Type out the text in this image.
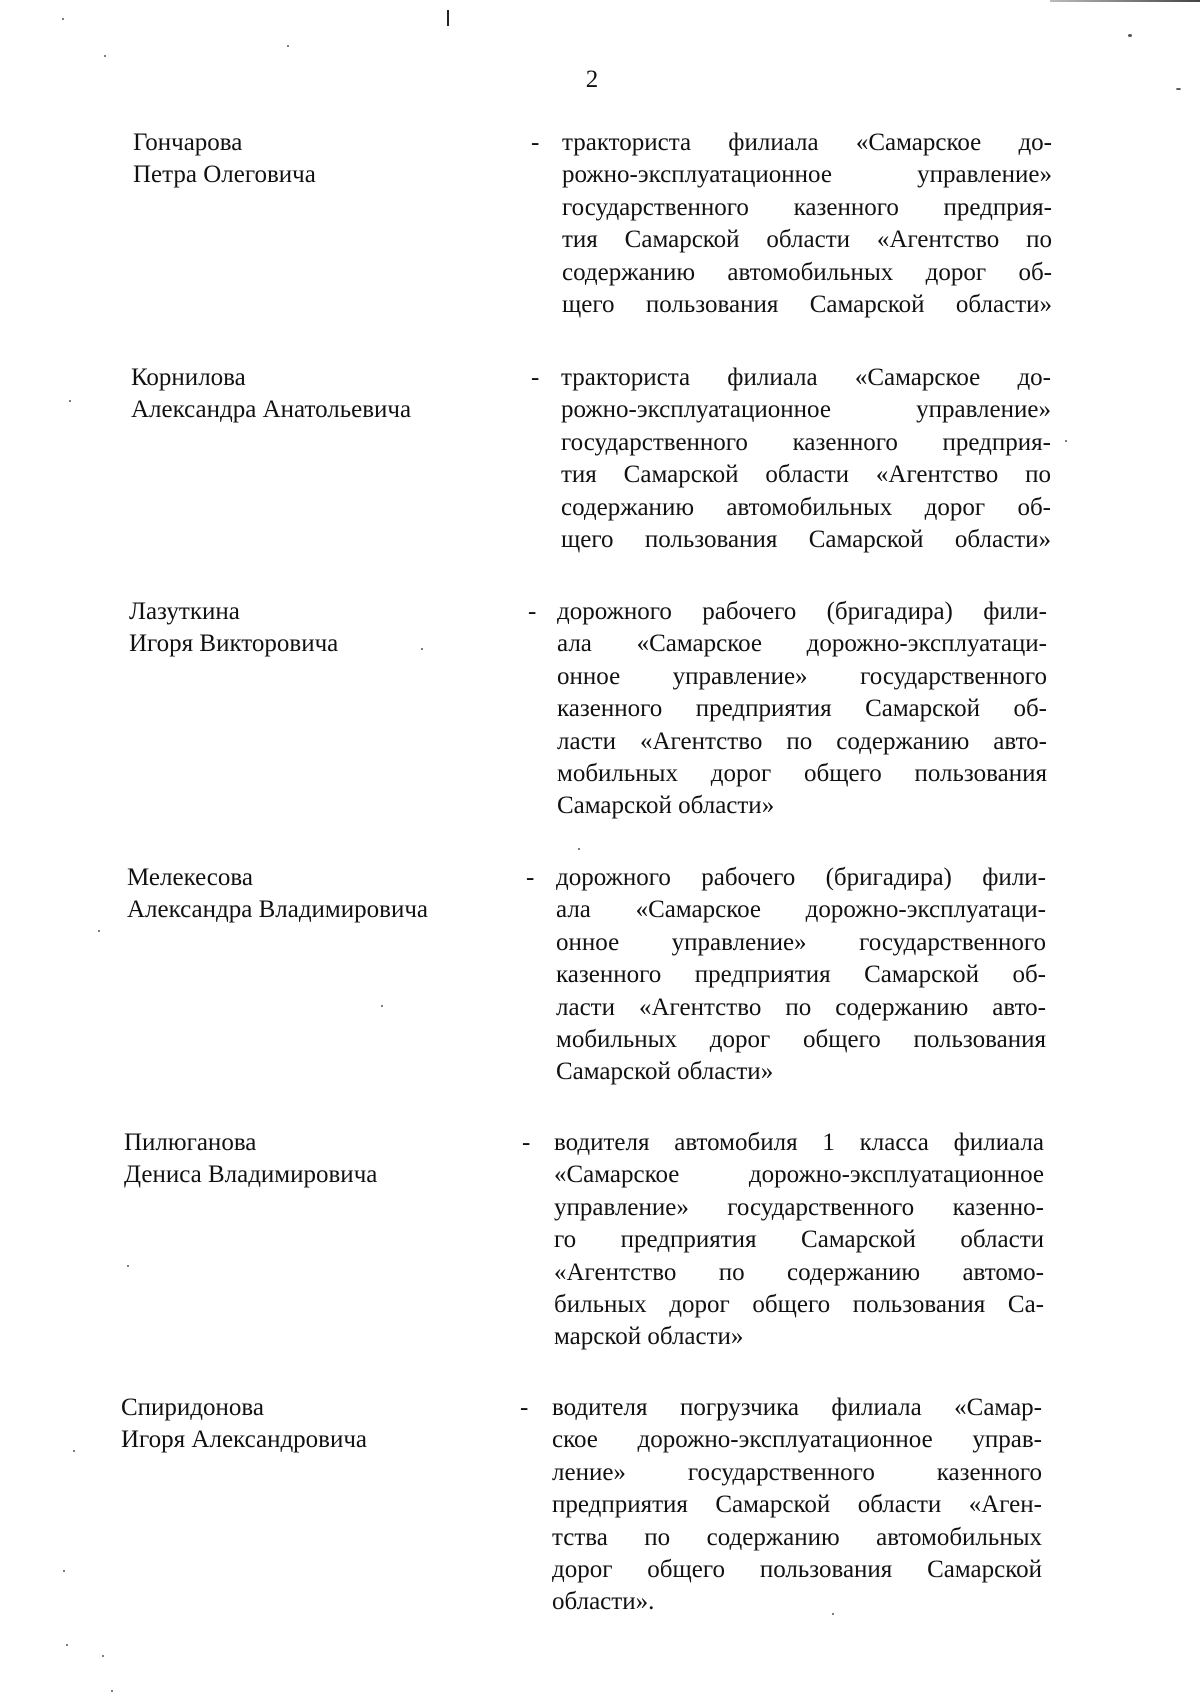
2
Гончарова
Петра Олеговича
- тракториста филиала «Самарское до-
рожно-эксплуатационное управление»
государственного казенного предприя-
тия Самарской области «Агентство по
содержанию автомобильных дорог об-
щего пользования Самарской области»
Корнилова
Александра Анатольевича
- тракториста филиала «Самарское до-
рожно-эксплуатационное управление»
государственного казенного предприя-
тия Самарской области «Агентство по
содержанию автомобильных дорог об-
щего пользования Самарской области»
Лазуткина
Игоря Викторовича
- дорожного рабочего (бригадира) фили-
ала «Самарское дорожно-эксплуатаци-
онное управление» государственного
казенного предприятия Самарской об-
ласти «Агентство по содержанию авто-
мобильных дорог общего пользования
Самарской области»
Мелекесова
Александра Владимировича
- дорожного рабочего (бригадира) фили-
ала «Самарское дорожно-эксплуатаци-
онное управление» государственного
казенного предприятия Самарской об-
ласти «Агентство по содержанию авто-
мобильных дорог общего пользования
Самарской области»
Пилюганова
Дениса Владимировича
- водителя автомобиля 1 класса филиала
«Самарское дорожно-эксплуатационное
управление» государственного казенно-
го предприятия Самарской области
«Агентство по содержанию автомо-
бильных дорог общего пользования Са-
марской области»
Спиридонова
Игоря Александровича
- водителя погрузчика филиала «Самар-
ское дорожно-эксплуатационное управ-
ление» государственного казенного
предприятия Самарской области «Аген-
тства по содержанию автомобильных
дорог общего пользования Самарской
области».
